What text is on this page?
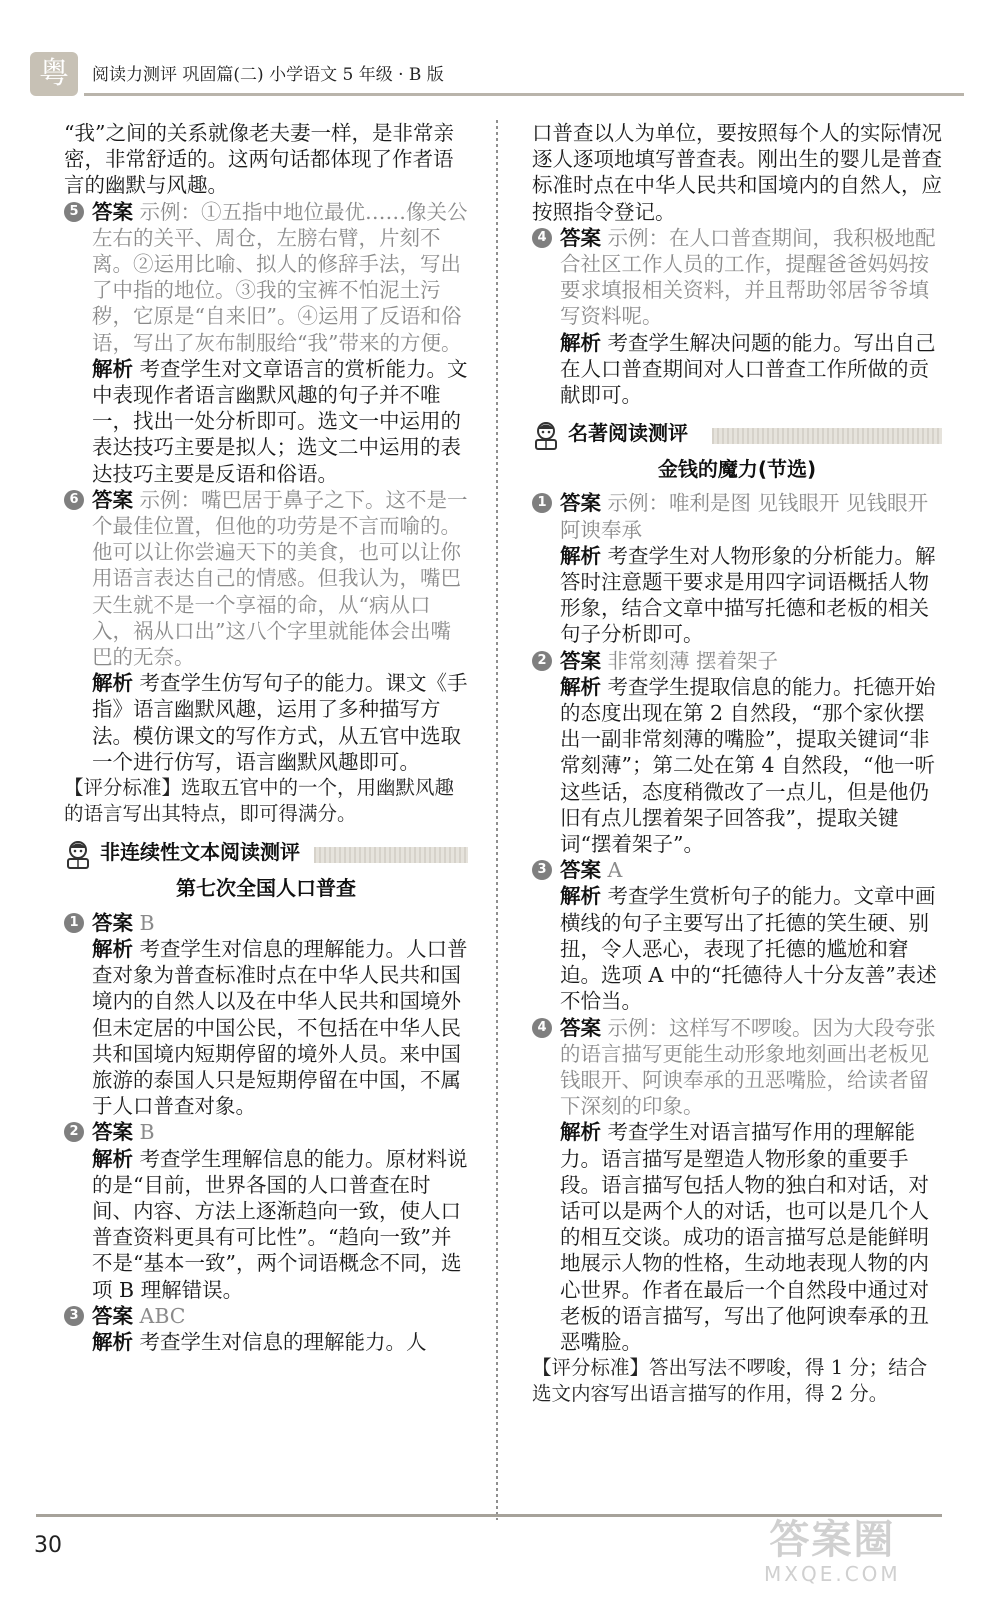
粤	阅读力测评 巩固篇(二) 小学语文 5 年级 · B 版

“我”之间的关系就像老夫妻一样，是非常亲密，非常舒适的。这两句话都体现了作者语言的幽默与风趣。

5 答案 示例：①五指中地位最优……像关公左右的关平、周仓，左膀右臂，片刻不离。②运用比喻、拟人的修辞手法，写出了中指的地位。③我的宝裤不怕泥土污秽，它原是“自来旧”。④运用了反语和俗语，写出了灰布制服给“我”带来的方便。

解析 考查学生对文章语言的赏析能力。文中表现作者语言幽默风趣的句子并不唯一，找出一处分析即可。选文一中运用的表达技巧主要是拟人；选文二中运用的表达技巧主要是反语和俗语。

6 答案 示例：嘴巴居于鼻子之下。这不是一个最佳位置，但他的功劳是不言而喻的。他可以让你尝遍天下的美食，也可以让你用语言表达自己的情感。但我认为，嘴巴天生就不是一个享福的命，从“病从口入，祸从口出”这八个字里就能体会出嘴巴的无奈。

解析 考查学生仿写句子的能力。课文《手指》语言幽默风趣，运用了多种描写方法。模仿课文的写作方式，从五官中选取一个进行仿写，语言幽默风趣即可。

【评分标准】选取五官中的一个，用幽默风趣的语言写出其特点，即可得满分。

非连续性文本阅读测评
第七次全国人口普查
1 答案 B

解析 考查学生对信息的理解能力。人口普查对象为普查标准时点在中华人民共和国境内的自然人以及在中华人民共和国境外但未定居的中国公民，不包括在中华人民共和国境内短期停留的境外人员。来中国旅游的泰国人只是短期停留在中国，不属于人口普查对象。

2 答案 B

解析 考查学生理解信息的能力。原材料说的是“目前，世界各国的人口普查在时间、内容、方法上逐渐趋向一致，使人口普查资料更具有可比性”。“趋向一致”并不是“基本一致”，两个词语概念不同，选项 B 理解错误。

3 答案 ABC

解析 考查学生对信息的理解能力。人

口普查以人为单位，要按照每个人的实际情况逐人逐项地填写普查表。刚出生的婴儿是普查标准时点在中华人民共和国境内的自然人，应按照指令登记。

4 答案 示例：在人口普查期间，我积极地配合社区工作人员的工作，提醒爸爸妈妈按要求填报相关资料，并且帮助邻居爷爷填写资料呢。

解析 考查学生解决问题的能力。写出自己在人口普查期间对人口普查工作所做的贡献即可。

名著阅读测评
金钱的魔力(节选)
1 答案 示例：唯利是图 见钱眼开 见钱眼开 阿谀奉承

解析 考查学生对人物形象的分析能力。解答时注意题干要求是用四字词语概括人物形象，结合文章中描写托德和老板的相关句子分析即可。

2 答案 非常刻薄 摆着架子

解析 考查学生提取信息的能力。托德开始的态度出现在第 2 自然段，“那个家伙摆出一副非常刻薄的嘴脸”，提取关键词“非常刻薄”；第二处在第 4 自然段，“他一听这些话，态度稍微改了一点儿，但是他仍旧有点儿摆着架子回答我”，提取关键词“摆着架子”。

3 答案 A

解析 考查学生赏析句子的能力。文章中画横线的句子主要写出了托德的笑生硬、别扭，令人恶心，表现了托德的尴尬和窘迫。选项 A 中的“托德待人十分友善”表述不恰当。

4 答案 示例：这样写不啰唆。因为大段夸张的语言描写更能生动形象地刻画出老板见钱眼开、阿谀奉承的丑恶嘴脸，给读者留下深刻的印象。

解析 考查学生对语言描写作用的理解能力。语言描写是塑造人物形象的重要手段。语言描写包括人物的独白和对话，对话可以是两个人的对话，也可以是几个人的相互交谈。成功的语言描写总是能鲜明地展示人物的性格，生动地表现人物的内心世界。作者在最后一个自然段中通过对老板的语言描写，写出了他阿谀奉承的丑恶嘴脸。

【评分标准】答出写法不啰唆，得 1 分；结合选文内容写出语言描写的作用，得 2 分。

30	答案圈
MXQE.COM
